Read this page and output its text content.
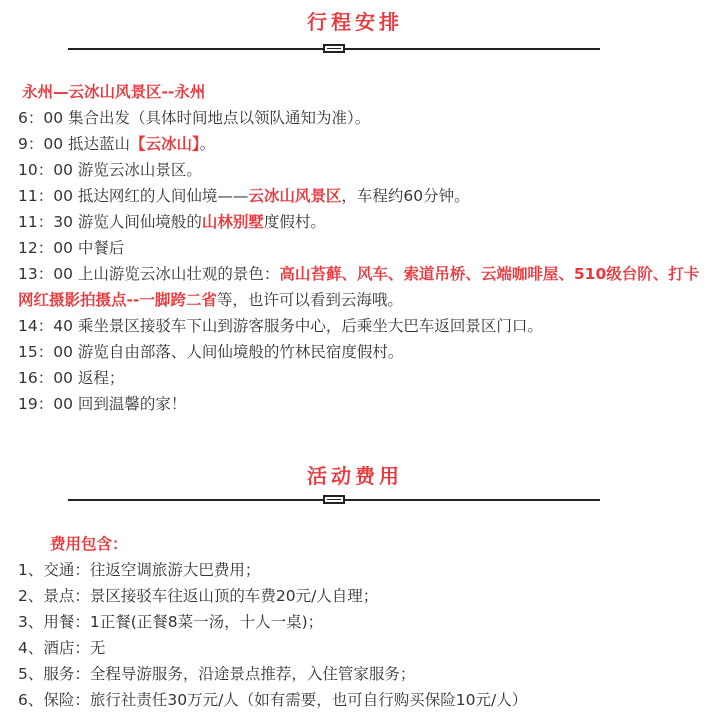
行程安排
永州—云冰山风景区--永州
6：00 集合出发（具体时间地点以领队通知为准）。
9：00 抵达蓝山【云冰山】。
10：00 游览云冰山景区。
11：00 抵达网红的人间仙境——云冰山风景区，车程约60分钟。
11：30 游览人间仙境般的山林别墅度假村。
12：00 中餐后
13：00 上山游览云冰山壮观的景色：高山苔藓、风车、索道吊桥、云端咖啡屋、510级台阶、打卡网红摄影拍摄点--一脚跨二省等，也许可以看到云海哦。
14：40 乘坐景区接驳车下山到游客服务中心，后乘坐大巴车返回景区门口。
15：00 游览自由部落、人间仙境般的竹林民宿度假村。
16：00 返程；
19：00 回到温馨的家！
活动费用
费用包含：
1、交通：往返空调旅游大巴费用；
2、景点：景区接驳车往返山顶的车费20元/人自理；
3、用餐：1正餐(正餐8菜一汤，十人一桌)；
4、酒店：无
5、服务：全程导游服务，沿途景点推荐，入住管家服务；
6、保险：旅行社责任30万元/人（如有需要，也可自行购买保险10元/人）
